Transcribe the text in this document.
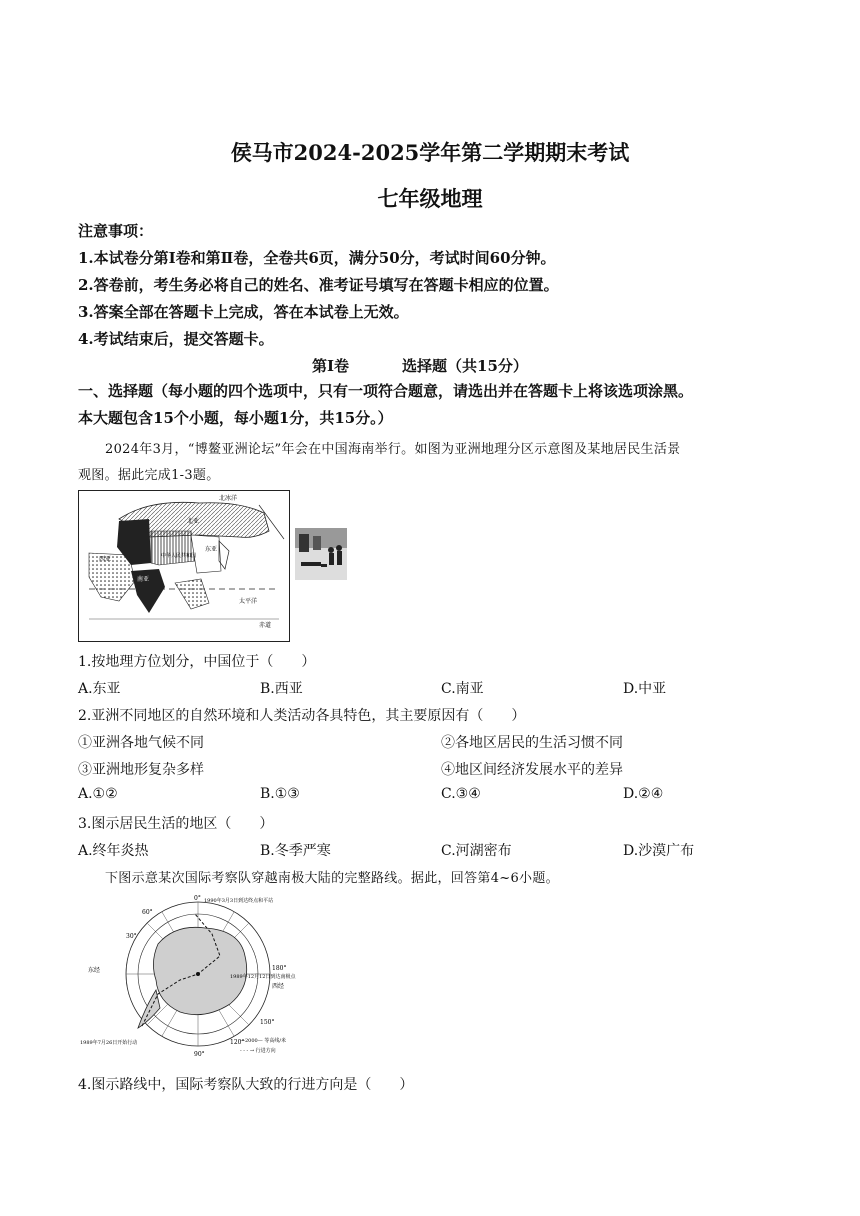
侯马市2024-2025学年第二学期期末考试
七年级地理
注意事项：
1.本试卷分第Ⅰ卷和第Ⅱ卷，全卷共6页，满分50分，考试时间60分钟。
2.答卷前，考生务必将自己的姓名、准考证号填写在答题卡相应的位置。
3.答案全部在答题卡上完成，答在本试卷上无效。
4.考试结束后，提交答题卡。
第Ⅰ卷	选择题（共15分）
一、选择题（每小题的四个选项中，只有一项符合题意，请选出并在答题卡上将该选项涂黑。
本大题包含15个小题，每小题1分，共15分。）
2024年3月，“博鳌亚洲论坛”年会在中国海南举行。如图为亚洲地理分区示意图及某地居民生活景
观图。据此完成1-3题。
北冰洋
北亚
西亚
东亚
中华人民共和国
南亚
太平洋
赤道
1.按地理方位划分，中国位于（　　）
A.东亚	B.西亚	C.南亚	D.中亚
2.亚洲不同地区的自然环境和人类活动各具特色，其主要原因有（　　）
①亚洲各地气候不同	②各地区居民的生活习惯不同
③亚洲地形复杂多样	④地区间经济发展水平的差异
A.①②	B.①③	C.③④	D.②④
3.图示居民生活的地区（　　）
A.终年炎热	B.冬季严寒	C.河湖密布	D.沙漠广布
下图示意某次国际考察队穿越南极大陆的完整路线。据此，回答第4~6小题。
1990年3月3日到达终点和平站
1989年7月26日开始行动
1989年12月12日到达南极点
0°
30°
60°
90°
120°
150°
180°
东经
西经
—2000— 等高线/米
- - - → 行进方向
4.图示路线中，国际考察队大致的行进方向是（　　）
